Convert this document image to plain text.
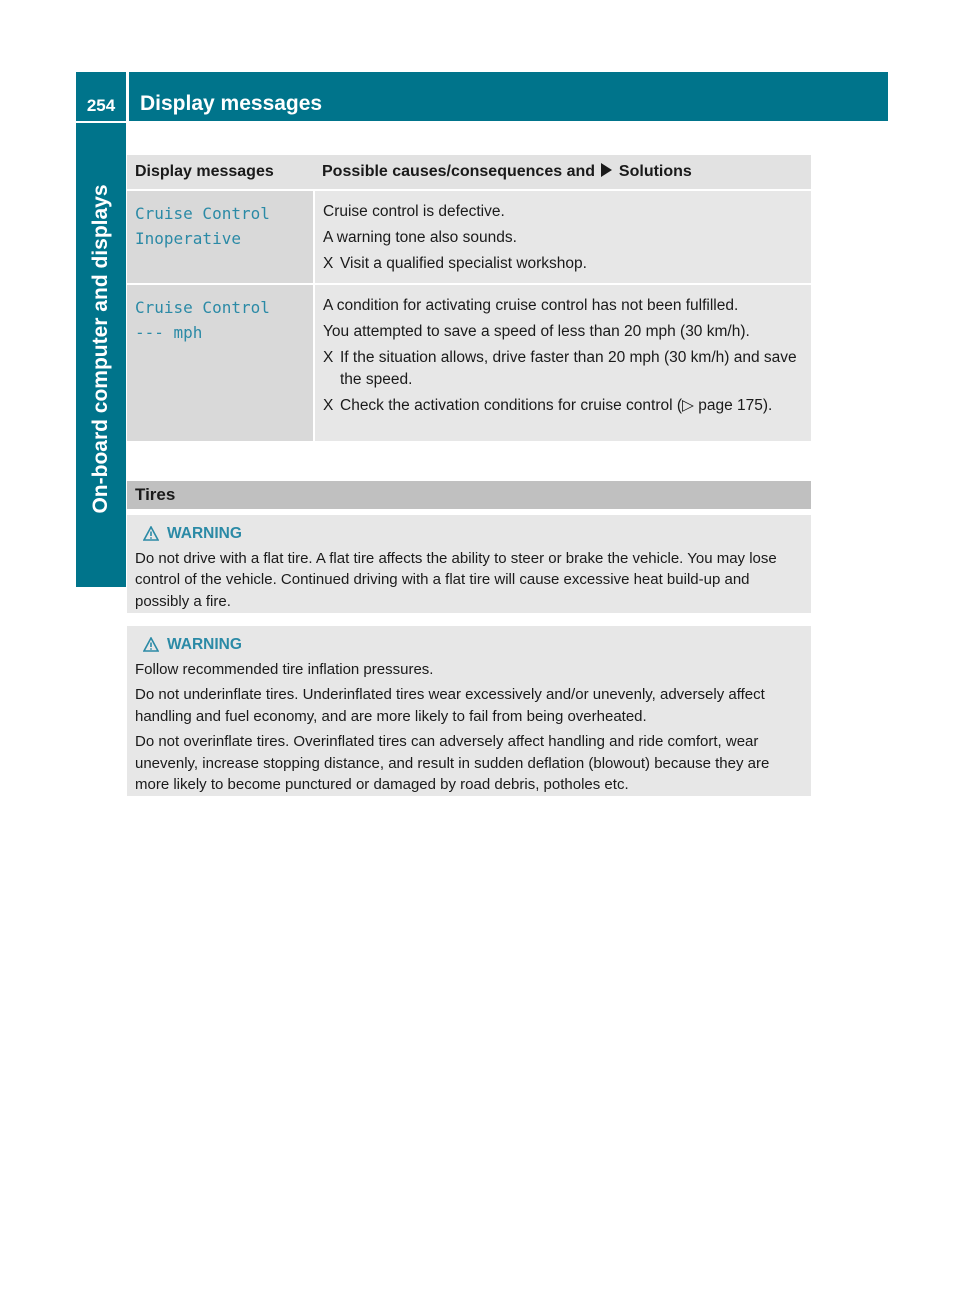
254	Display messages
On-board computer and displays
Display messages	Possible causes/consequences and Solutions
Cruise Control
Inoperative

Cruise control is defective.

A warning tone also sounds.

X Visit a qualified specialist workshop.
Cruise Control
--- mph

A condition for activating cruise control has not been fulfilled.

You attempted to save a speed of less than 20 mph (30 km/h).

X If the situation allows, drive faster than 20 mph (30 km/h) and save the speed.
X Check the activation conditions for cruise control (▷ page 175).
Tires
WARNING

Do not drive with a flat tire. A flat tire affects the ability to steer or brake the vehicle. You may lose control of the vehicle. Continued driving with a flat tire will cause excessive heat build-up and possibly a fire.

WARNING

Follow recommended tire inflation pressures.

Do not underinflate tires. Underinflated tires wear excessively and/or unevenly, adversely affect handling and fuel economy, and are more likely to fail from being overheated.

Do not overinflate tires. Overinflated tires can adversely affect handling and ride comfort, wear unevenly, increase stopping distance, and result in sudden deflation (blowout) because they are more likely to become punctured or damaged by road debris, potholes etc.
